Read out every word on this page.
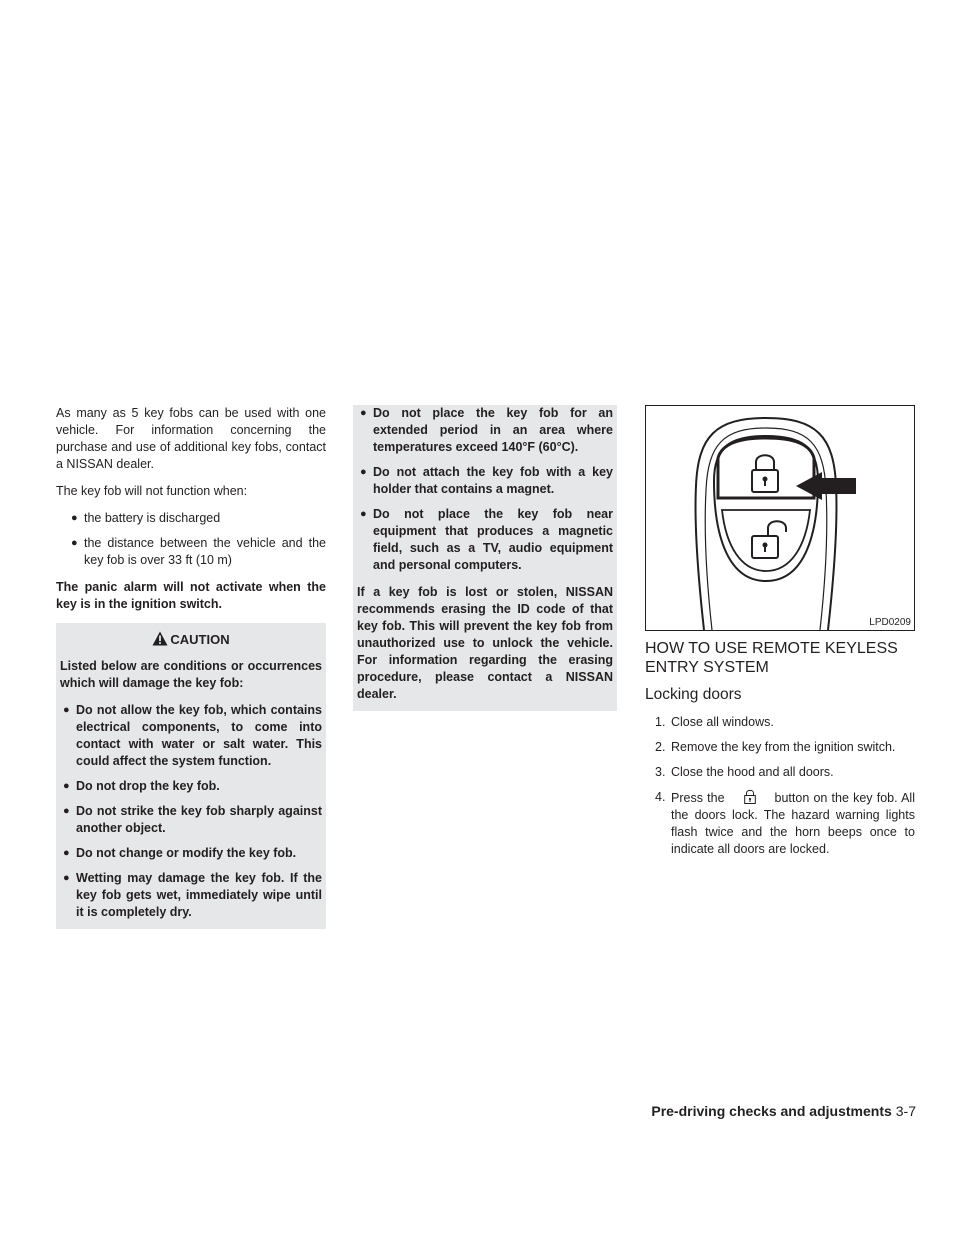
As many as 5 key fobs can be used with one vehicle. For information concerning the purchase and use of additional key fobs, contact a NISSAN dealer.

The key fob will not function when:

● the battery is discharged
● the distance between the vehicle and the key fob is over 33 ft (10 m)

The panic alarm will not activate when the key is in the ignition switch.

CAUTION

Listed below are conditions or occurrences which will damage the key fob:

● Do not allow the key fob, which contains electrical components, to come into contact with water or salt water. This could affect the system function.
● Do not drop the key fob.
● Do not strike the key fob sharply against another object.
● Do not change or modify the key fob.
● Wetting may damage the key fob. If the key fob gets wet, immediately wipe until it is completely dry.
● Do not place the key fob for an extended period in an area where temperatures exceed 140°F (60°C).
● Do not attach the key fob with a key holder that contains a magnet.
● Do not place the key fob near equipment that produces a magnetic field, such as a TV, audio equipment and personal computers.

If a key fob is lost or stolen, NISSAN recommends erasing the ID code of that key fob. This will prevent the key fob from unauthorized use to unlock the vehicle. For information regarding the erasing procedure, please contact a NISSAN dealer.

LPD0209
HOW TO USE REMOTE KEYLESS ENTRY SYSTEM
Locking doors
1. Close all windows.
2. Remove the key from the ignition switch.
3. Close the hood and all doors.
4. Press the	button on the key fob. All the doors lock. The hazard warning lights flash twice and the horn beeps once to indicate all doors are locked.
Pre-driving checks and adjustments 3-7
